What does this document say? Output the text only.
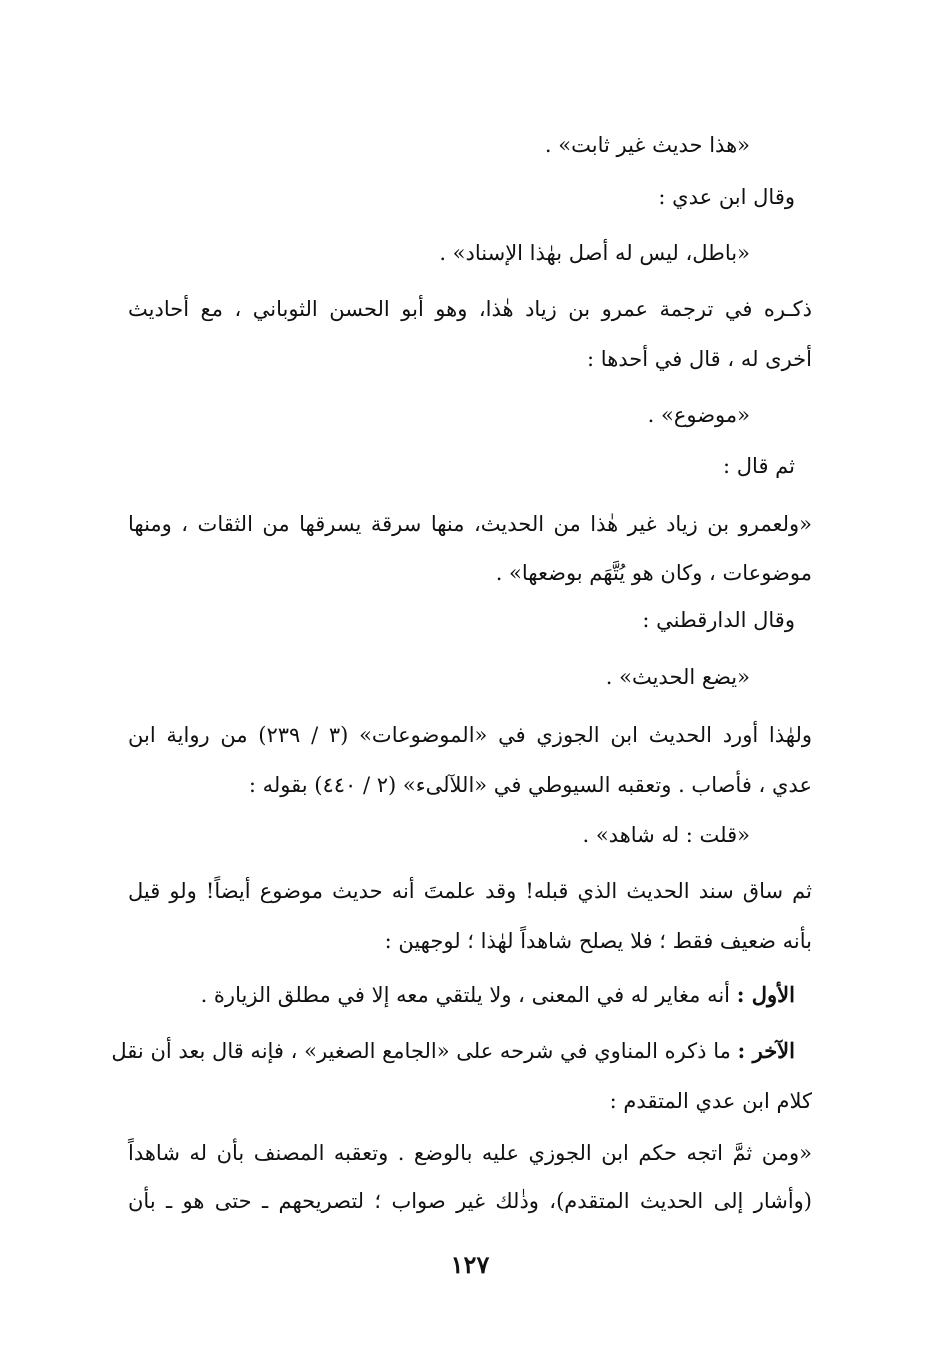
«هذا حديث غير ثابت» .
وقال ابن عدي :
«باطل، ليس له أصل بهٰذا الإسناد» .
ذكـره في ترجمة عمرو بن زياد هٰذا، وهو أبو الحسن الثوباني ، مع أحاديث
أخرى له ، قال في أحدها :
«موضوع» .
ثم قال :
«ولعمرو بن زياد غير هٰذا من الحديث، منها سرقة يسرقها من الثقات ، ومنها
موضوعات ، وكان هو يُتَّهَم بوضعها» .
وقال الدارقطني :
«يضع الحديث» .
ولهٰذا أورد الحديث ابن الجوزي في «الموضوعات» (٣ / ٢٣٩) من رواية ابن
عدي ، فأصاب . وتعقبه السيوطي في «اللآلىء» (٢ / ٤٤٠) بقوله :
«قلت : له شاهد» .
ثم ساق سند الحديث الذي قبله! وقد علمتَ أنه حديث موضوع أيضاً! ولو قيل
بأنه ضعيف فقط ؛ فلا يصلح شاهداً لهٰذا ؛ لوجهين :
الأول : أنه مغاير له في المعنى ، ولا يلتقي معه إلا في مطلق الزيارة .
الآخر : ما ذكره المناوي في شرحه على «الجامع الصغير» ، فإنه قال بعد أن نقل
كلام ابن عدي المتقدم :
«ومن ثمَّ اتجه حكم ابن الجوزي عليه بالوضع . وتعقبه المصنف بأن له شاهداً
(وأشار إلى الحديث المتقدم)، وذٰلك غير صواب ؛ لتصريحهم ـ حتى هو ـ بأن
١٢٧
